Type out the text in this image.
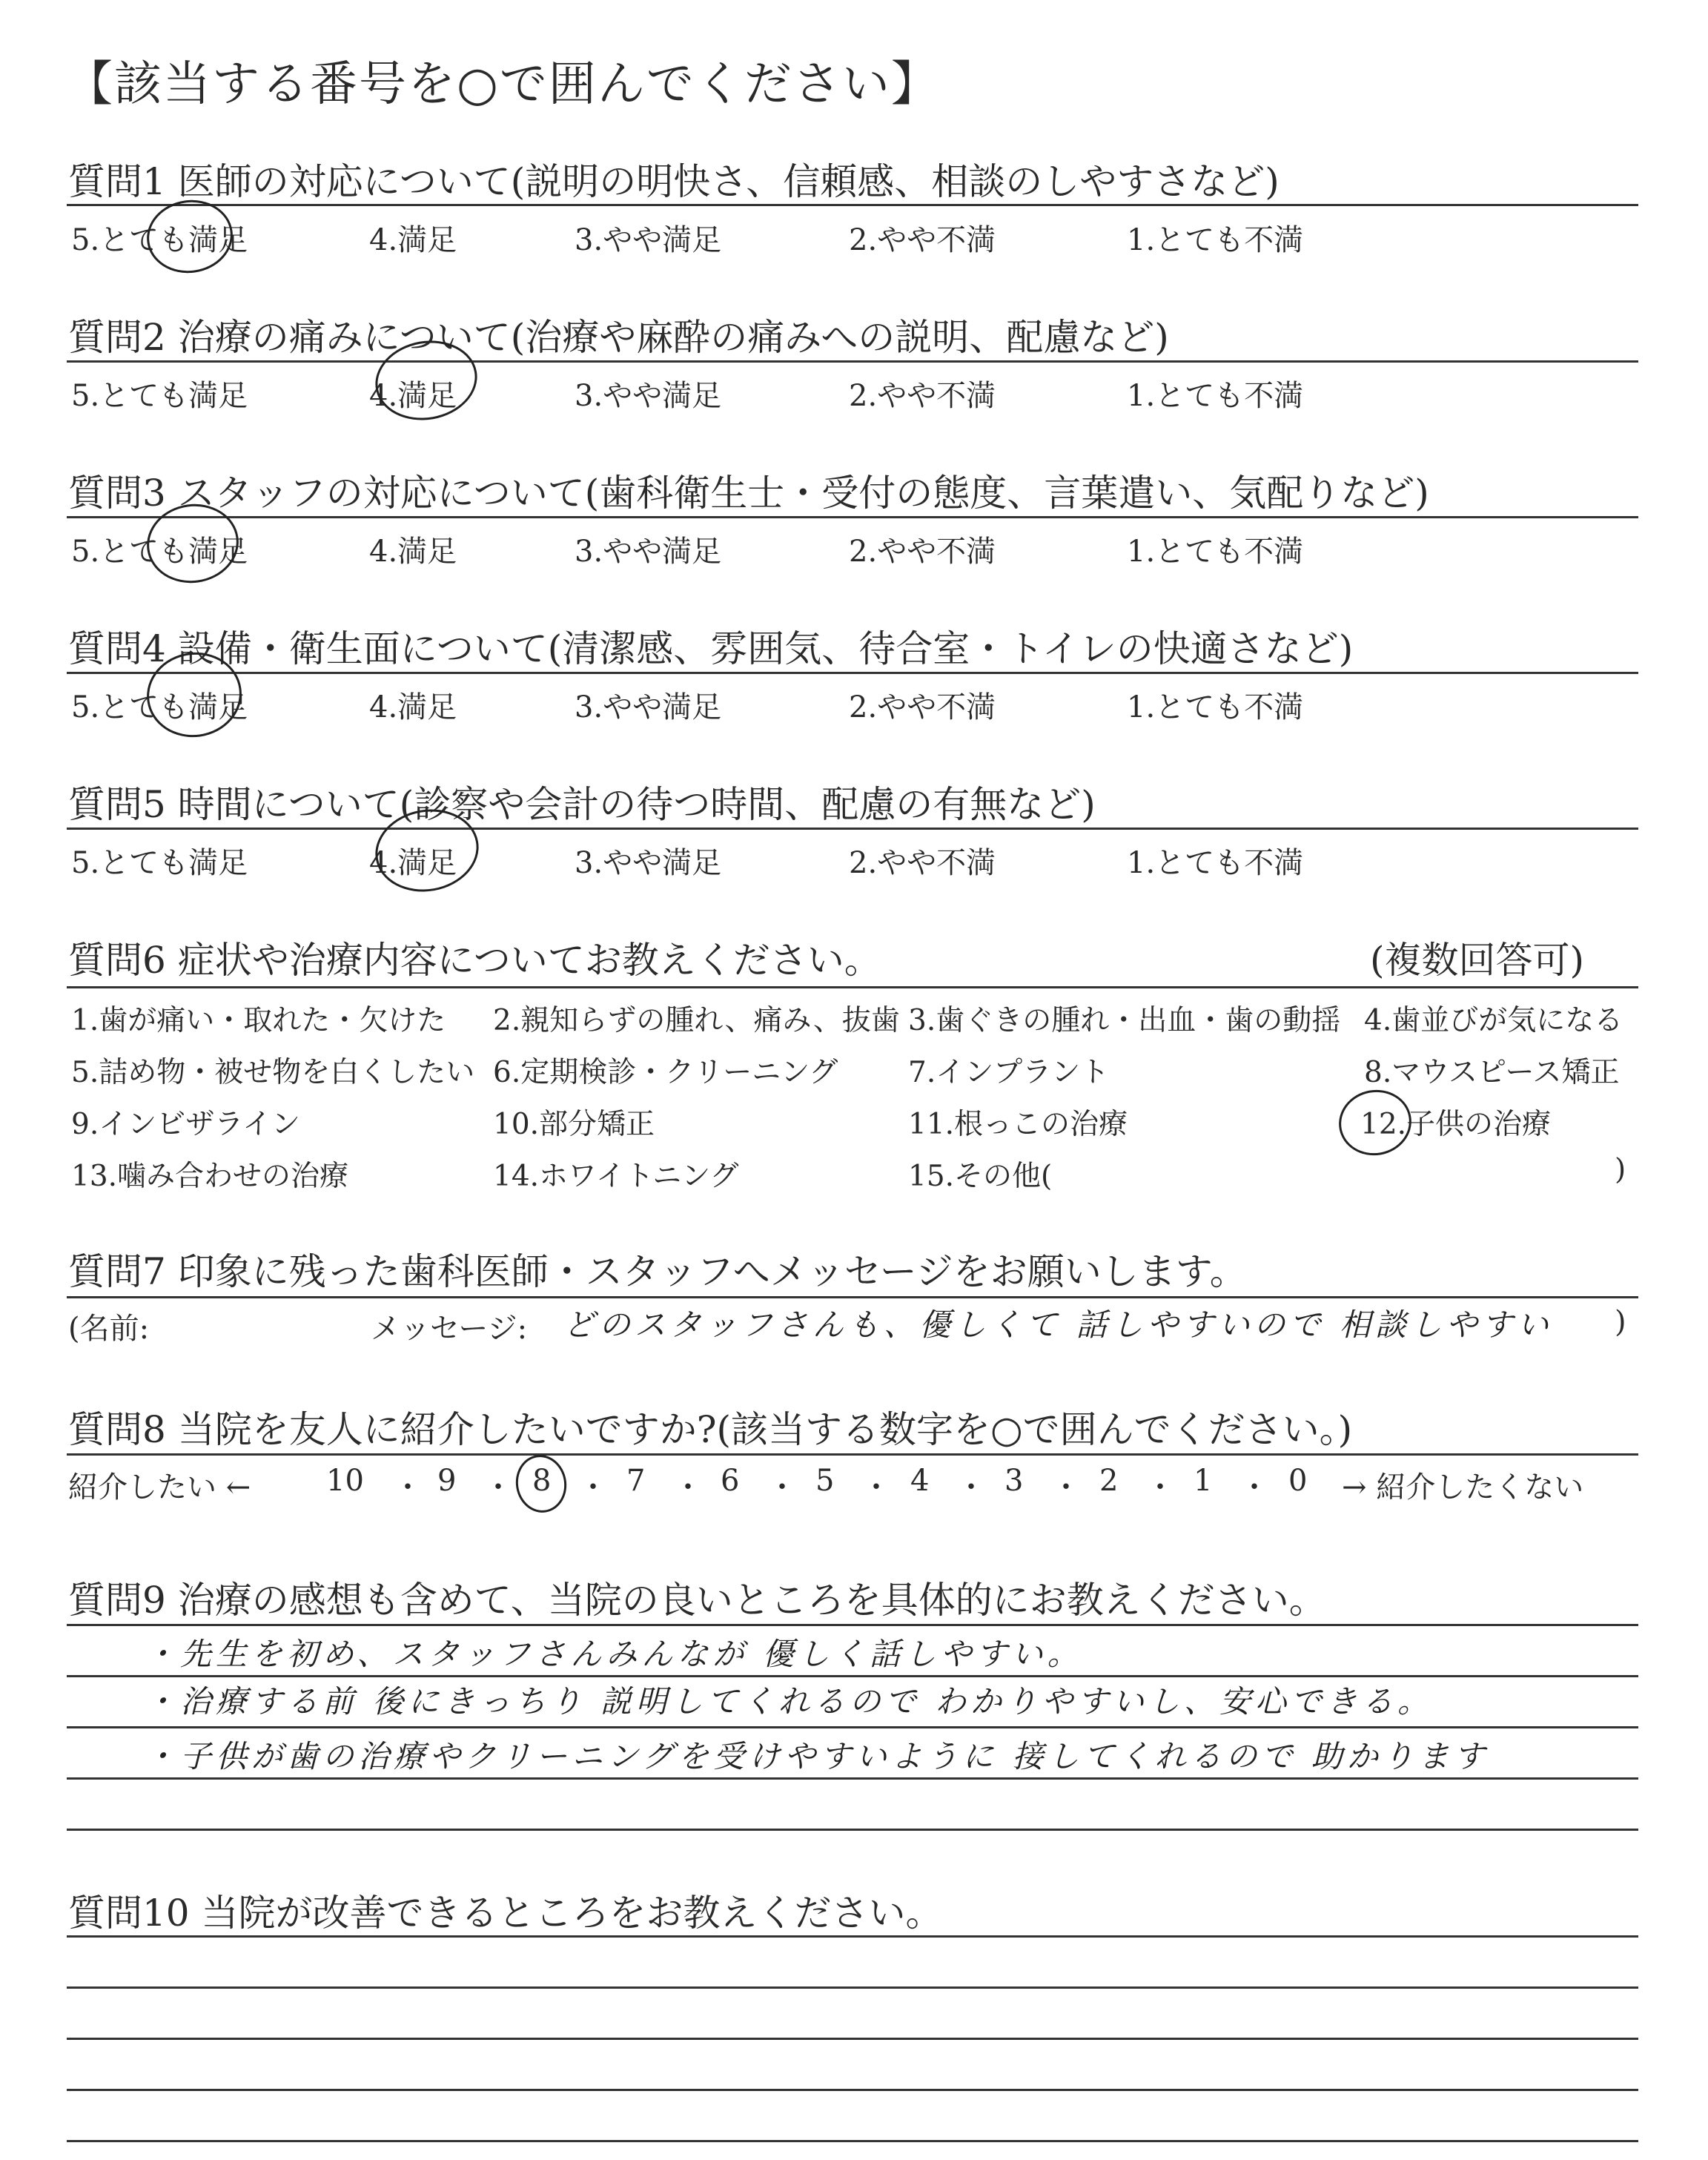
【該当する番号を○で囲んでください】
質問1 医師の対応について(説明の明快さ、信頼感、相談のしやすさなど)
5.とても満足	4.満足	3.やや満足	2.やや不満	1.とても不満
質問2 治療の痛みについて(治療や麻酔の痛みへの説明、配慮など)
5.とても満足	4.満足	3.やや満足	2.やや不満	1.とても不満
質問3 スタッフの対応について(歯科衛生士・受付の態度、言葉遣い、気配りなど)
5.とても満足	4.満足	3.やや満足	2.やや不満	1.とても不満
質問4 設備・衛生面について(清潔感、雰囲気、待合室・トイレの快適さなど)
5.とても満足	4.満足	3.やや満足	2.やや不満	1.とても不満
質問5 時間について(診察や会計の待つ時間、配慮の有無など)
5.とても満足	4.満足	3.やや満足	2.やや不満	1.とても不満
質問6 症状や治療内容についてお教えください。	(複数回答可)
1.歯が痛い・取れた・欠けた 2.親知らずの腫れ、痛み、抜歯 3.歯ぐきの腫れ・出血・歯の動揺 4.歯並びが気になる
5.詰め物・被せ物を白くしたい 6.定期検診・クリーニング 7.インプラント	8.マウスピース矯正
9.インビザライン	10.部分矯正	11.根っこの治療	12.子供の治療
13.噛み合わせの治療	14.ホワイトニング	15.その他(	)
質問7 印象に残った歯科医師・スタッフへメッセージをお願いします。
(名前:	メッセージ: どのスタッフさんも、優しくて 話しやすいので 相談しやすい )
質問8 当院を友人に紹介したいですか?(該当する数字を○で囲んでください。)
紹介したい ←	→ 紹介したくない
10 ・ 9 ・ 8 ・ 7 ・ 6 ・ 5 ・ 4 ・ 3 ・ 2 ・ 1 ・ 0
質問9 治療の感想も含めて、当院の良いところを具体的にお教えください。
・先生を初め、スタッフさんみんなが 優しく話しやすい。
・治療する前 後にきっちり 説明してくれるので わかりやすいし、安心できる。
・子供が歯の治療やクリーニングを受けやすいように 接してくれるので 助かります
質問10 当院が改善できるところをお教えください。
